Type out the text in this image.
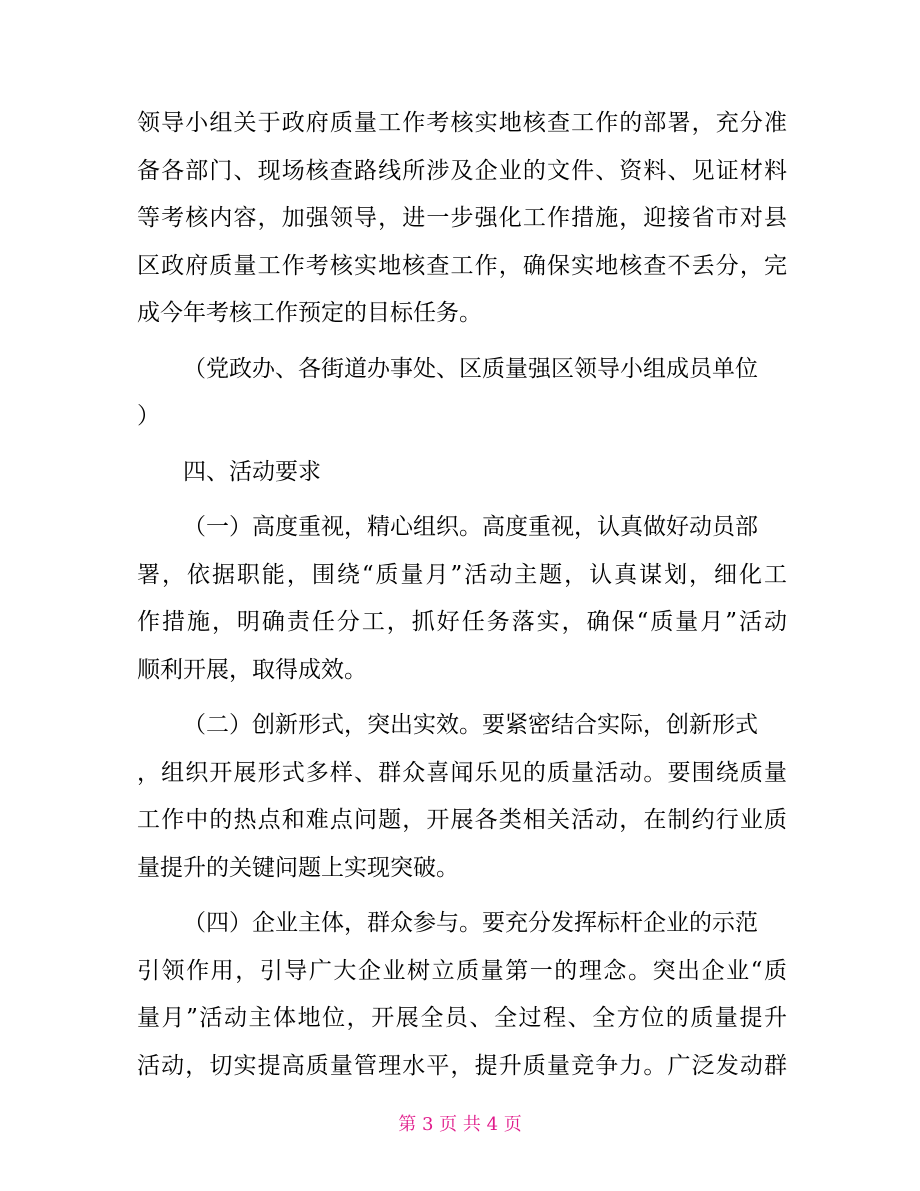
领导小组关于政府质量工作考核实地核查工作的部署，充分准
备各部门、现场核查路线所涉及企业的文件、资料、见证材料
等考核内容，加强领导，进一步强化工作措施，迎接省市对县
区政府质量工作考核实地核查工作，确保实地核查不丢分，完
成今年考核工作预定的目标任务。
（党政办、各街道办事处、区质量强区领导小组成员单位
）
四、活动要求
（一）高度重视，精心组织。高度重视，认真做好动员部
署，依据职能，围绕“质量月”活动主题，认真谋划，细化工
作措施，明确责任分工，抓好任务落实，确保“质量月”活动
顺利开展，取得成效。
（二）创新形式，突出实效。要紧密结合实际，创新形式
，组织开展形式多样、群众喜闻乐见的质量活动。要围绕质量
工作中的热点和难点问题，开展各类相关活动，在制约行业质
量提升的关键问题上实现突破。
（四）企业主体，群众参与。要充分发挥标杆企业的示范
引领作用，引导广大企业树立质量第一的理念。突出企业“质
量月”活动主体地位，开展全员、全过程、全方位的质量提升
活动，切实提高质量管理水平，提升质量竞争力。广泛发动群
第 3 页 共 4 页
